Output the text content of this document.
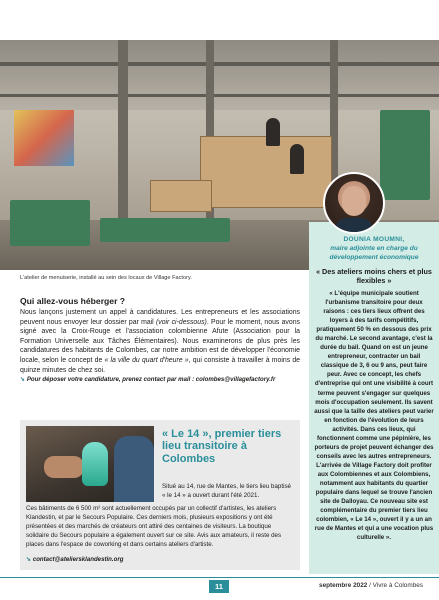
L'atelier de menuiserie, installé au sein des locaux de Village Factory.

Qui allez-vous héberger ?

Nous lançons justement un appel à candidatures. Les entrepreneurs et les associations peuvent nous envoyer leur dossier par mail (voir ci-dessous). Pour le moment, nous avons signé avec la Croix-Rouge et l'association colombienne Afute (Association pour la Formation Universelle aux Tâches Élémentaires). Nous examinerons de plus près les candidatures des habitants de Colombes, car notre ambition est de développer l'économie locale, selon le concept de « la ville du quart d'heure », qui consiste à travailler à moins de quinze minutes de chez soi.

➘ Pour déposer votre candidature, prenez contact par mail : colombes@villagefactory.fr

« Le 14 », premier tiers lieu transitoire à Colombes

Situé au 14, rue de Mantes, le tiers lieu baptisé « le 14 » a ouvert durant l'été 2021.

Ces bâtiments de 6 500 m² sont actuellement occupés par un collectif d'artistes, les ateliers Klandestin, et par le Secours Populaire. Ces derniers mois, plusieurs expositions y ont été présentées et des marchés de créateurs ont attiré des centaines de visiteurs. La boutique solidaire du Secours populaire a également ouvert sur ce site. Avis aux amateurs, il reste des places dans l'espace de coworking et dans certains ateliers d'artiste.

➘ contact@ateliersklandestin.org

DOUNIA MOUMNI,

maire adjointe en charge du développement économique

« Des ateliers moins chers et plus flexibles »

« L'équipe municipale soutient l'urbanisme transitoire pour deux raisons : ces tiers lieux offrent des loyers à des tarifs compétitifs, pratiquement 50 % en dessous des prix du marché. Le second avantage, c'est la durée du bail. Quand on est un jeune entrepreneur, contracter un bail classique de 3, 6 ou 9 ans, peut faire peur. Avec ce concept, les chefs d'entreprise qui ont une visibilité à court terme peuvent s'engager sur quelques mois d'occupation seulement. Ils savent aussi que la taille des ateliers peut varier en fonction de l'évolution de leurs activités. Dans ces lieux, qui fonctionnent comme une pépinière, les porteurs de projet peuvent échanger des conseils avec les autres entrepreneurs. L'arrivée de Village Factory doit profiter aux Colombiennes et aux Colombiens, notamment aux habitants du quartier populaire dans lequel se trouve l'ancien site de Dalloyau. Ce nouveau site est complémentaire du premier tiers lieu colombien, « Le 14 », ouvert il y a un an rue de Mantes et qui a une vocation plus culturelle ».

11	septembre 2022 / Vivre à Colombes
